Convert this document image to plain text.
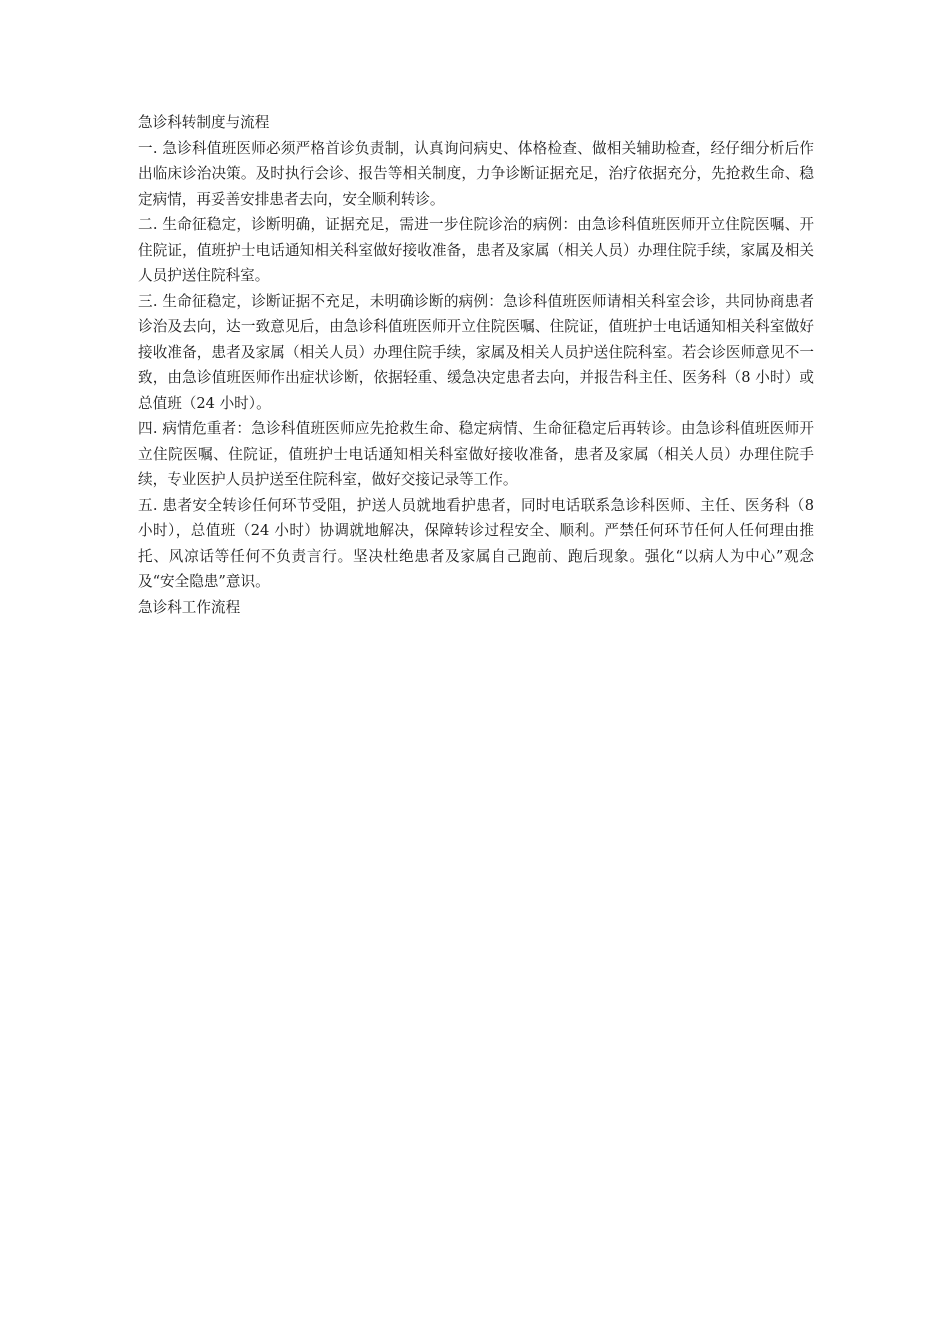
急诊科转制度与流程

一. 急诊科值班医师必须严格首诊负责制，认真询问病史、体格检查、做相关辅助检查，经仔细分析后作出临床诊治决策。及时执行会诊、报告等相关制度，力争诊断证据充足，治疗依据充分，先抢救生命、稳定病情，再妥善安排患者去向，安全顺利转诊。

二. 生命征稳定，诊断明确，证据充足，需进一步住院诊治的病例：由急诊科值班医师开立住院医嘱、开住院证，值班护士电话通知相关科室做好接收准备，患者及家属（相关人员）办理住院手续，家属及相关人员护送住院科室。

三. 生命征稳定，诊断证据不充足，未明确诊断的病例：急诊科值班医师请相关科室会诊，共同协商患者诊治及去向，达一致意见后，由急诊科值班医师开立住院医嘱、住院证，值班护士电话通知相关科室做好接收准备，患者及家属（相关人员）办理住院手续，家属及相关人员护送住院科室。若会诊医师意见不一致，由急诊值班医师作出症状诊断，依据轻重、缓急决定患者去向，并报告科主任、医务科（8 小时）或总值班（24 小时）。

四. 病情危重者：急诊科值班医师应先抢救生命、稳定病情、生命征稳定后再转诊。由急诊科值班医师开立住院医嘱、住院证，值班护士电话通知相关科室做好接收准备，患者及家属（相关人员）办理住院手续，专业医护人员护送至住院科室，做好交接记录等工作。

五. 患者安全转诊任何环节受阻，护送人员就地看护患者，同时电话联系急诊科医师、主任、医务科（8 小时），总值班（24 小时）协调就地解决，保障转诊过程安全、顺利。严禁任何环节任何人任何理由推托、风凉话等任何不负责言行。坚决杜绝患者及家属自己跑前、跑后现象。强化“以病人为中心”观念及“安全隐患”意识。

急诊科工作流程
